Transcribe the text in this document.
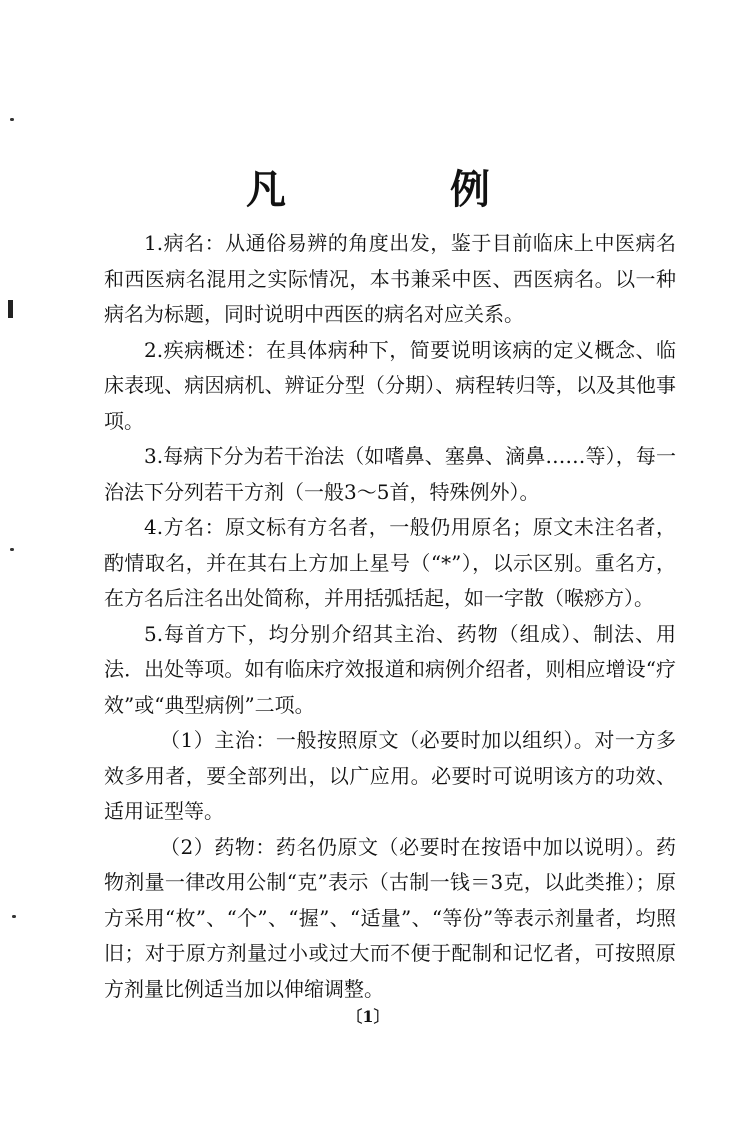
凡　例

1.病名：从通俗易辨的角度出发，鉴于目前临床上中医病名和西医病名混用之实际情况，本书兼采中医、西医病名。以一种病名为标题，同时说明中西医的病名对应关系。

2.疾病概述：在具体病种下，简要说明该病的定义概念、临床表现、病因病机、辨证分型（分期）、病程转归等，以及其他事项。

3.每病下分为若干治法（如嗜鼻、塞鼻、滴鼻……等），每一治法下分列若干方剂（一般3～5首，特殊例外）。

4.方名：原文标有方名者，一般仍用原名；原文未注名者，酌情取名，并在其右上方加上星号（“*”），以示区别。重名方，在方名后注名出处简称，并用括弧括起，如一字散（喉痧方）。

5.每首方下，均分别介绍其主治、药物（组成）、制法、用法．出处等项。如有临床疗效报道和病例介绍者，则相应增设“疗效”或“典型病例”二项。

（1）主治：一般按照原文（必要时加以组织）。对一方多效多用者，要全部列出，以广应用。必要时可说明该方的功效、适用证型等。

（2）药物：药名仍原文（必要时在按语中加以说明）。药物剂量一律改用公制“克”表示（古制一钱＝3克，以此类推）；原方采用“枚”、“个”、“握”、“适量”、“等份”等表示剂量者，均照旧；对于原方剂量过小或过大而不便于配制和记忆者，可按照原方剂量比例适当加以伸缩调整。

〔1〕
